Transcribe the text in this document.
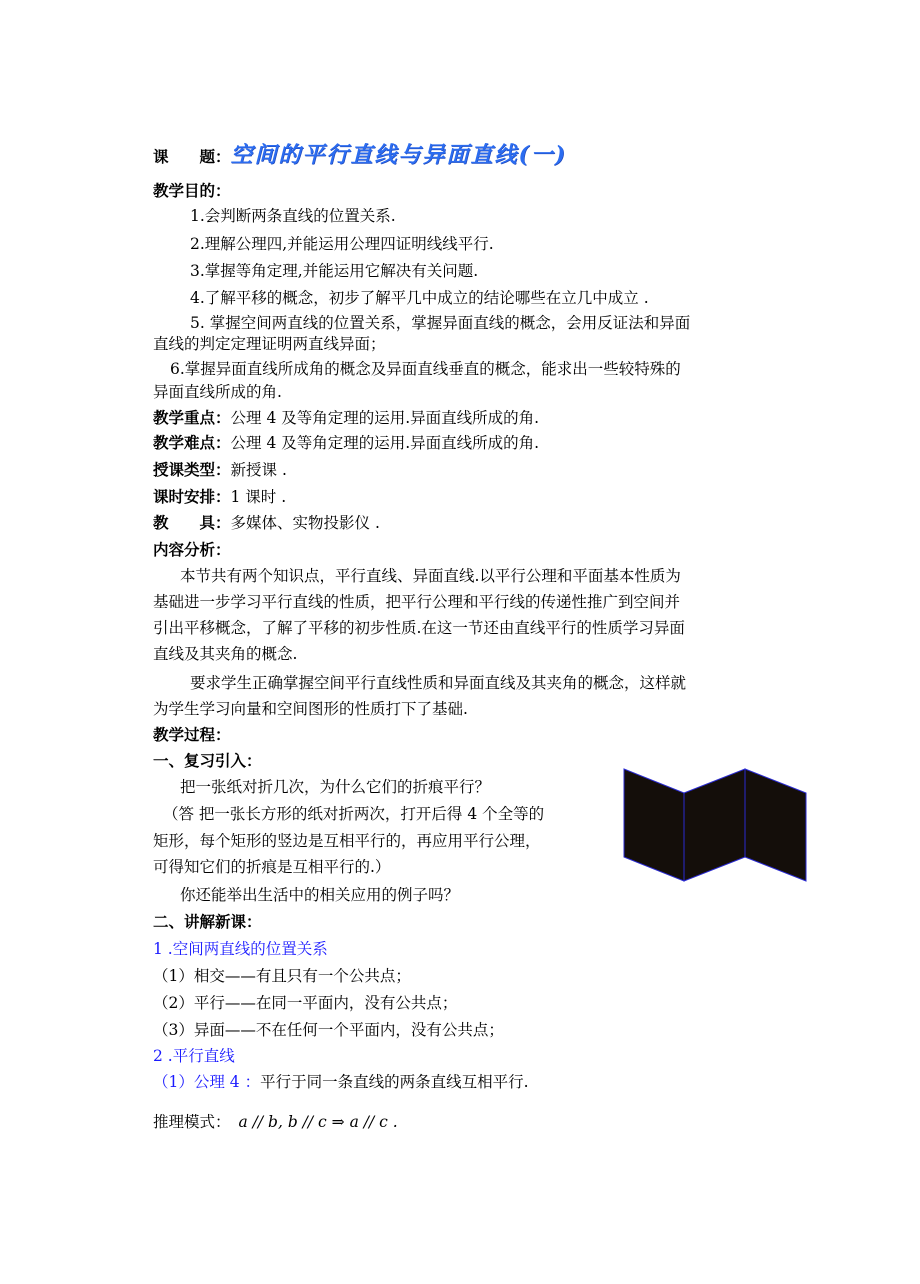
课　　题：空间的平行直线与异面直线(一)
教学目的：
1.会判断两条直线的位置关系.
2.理解公理四,并能运用公理四证明线线平行.
3.掌握等角定理,并能运用它解决有关问题.
4.了解平移的概念，初步了解平几中成立的结论哪些在立几中成立 .
5. 掌握空间两直线的位置关系，掌握异面直线的概念，会用反证法和异面
直线的判定定理证明两直线异面；
6.掌握异面直线所成角的概念及异面直线垂直的概念，能求出一些较特殊的
异面直线所成的角.
教学重点：公理 4 及等角定理的运用.异面直线所成的角.
教学难点：公理 4 及等角定理的运用.异面直线所成的角.
授课类型：新授课 .
课时安排：1 课时 .
教　　具：多媒体、实物投影仪 .
内容分析：
本节共有两个知识点，平行直线、异面直线.以平行公理和平面基本性质为
基础进一步学习平行直线的性质，把平行公理和平行线的传递性推广到空间并
引出平移概念，了解了平移的初步性质.在这一节还由直线平行的性质学习异面
直线及其夹角的概念.
要求学生正确掌握空间平行直线性质和异面直线及其夹角的概念，这样就
为学生学习向量和空间图形的性质打下了基础.
教学过程：
一、复习引入：
把一张纸对折几次，为什么它们的折痕平行？
（答 把一张长方形的纸对折两次，打开后得 4 个全等的
矩形，每个矩形的竖边是互相平行的，再应用平行公理，
可得知它们的折痕是互相平行的.）
你还能举出生活中的相关应用的例子吗？
二、讲解新课：
1 .空间两直线的位置关系
（1）相交——有且只有一个公共点；
（2）平行——在同一平面内，没有公共点；
（3）异面——不在任何一个平面内，没有公共点；
2 .平行直线
（1）公理 4 ：平行于同一条直线的两条直线互相平行.
推理模式： a // b, b // c ⇒ a // c .
